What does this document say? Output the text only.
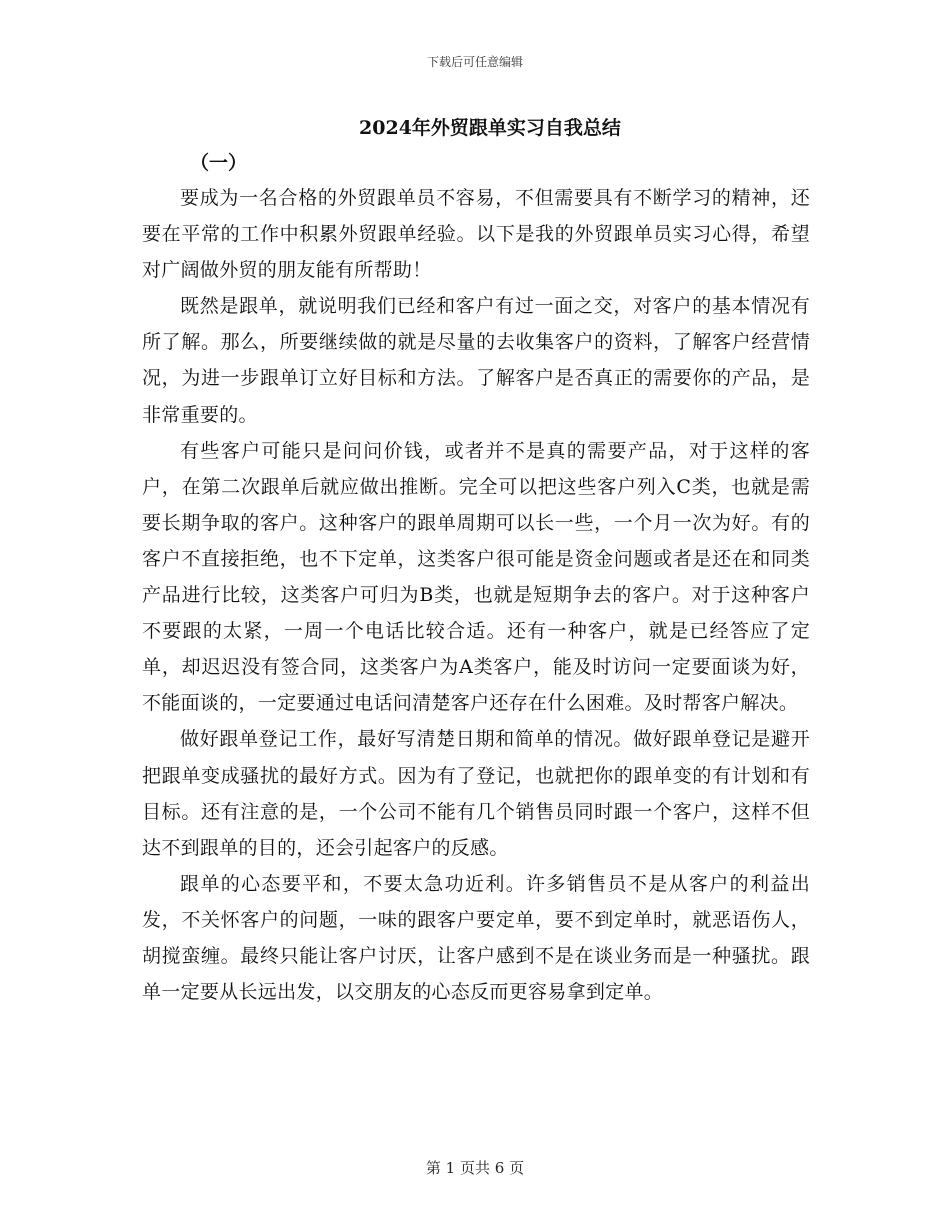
下载后可任意编辑
2024年外贸跟单实习自我总结
（一）

要成为一名合格的外贸跟单员不容易，不但需要具有不断学习的精神，还要在平常的工作中积累外贸跟单经验。以下是我的外贸跟单员实习心得，希望对广阔做外贸的朋友能有所帮助！

既然是跟单，就说明我们已经和客户有过一面之交，对客户的基本情况有所了解。那么，所要继续做的就是尽量的去收集客户的资料，了解客户经营情况，为进一步跟单订立好目标和方法。了解客户是否真正的需要你的产品，是非常重要的。

有些客户可能只是问问价钱，或者并不是真的需要产品，对于这样的客户，在第二次跟单后就应做出推断。完全可以把这些客户列入C类，也就是需要长期争取的客户。这种客户的跟单周期可以长一些，一个月一次为好。有的客户不直接拒绝，也不下定单，这类客户很可能是资金问题或者是还在和同类产品进行比较，这类客户可归为B类，也就是短期争去的客户。对于这种客户不要跟的太紧，一周一个电话比较合适。还有一种客户，就是已经答应了定单，却迟迟没有签合同，这类客户为A类客户，能及时访问一定要面谈为好，不能面谈的，一定要通过电话问清楚客户还存在什么困难。及时帮客户解决。

做好跟单登记工作，最好写清楚日期和简单的情况。做好跟单登记是避开把跟单变成骚扰的最好方式。因为有了登记，也就把你的跟单变的有计划和有目标。还有注意的是，一个公司不能有几个销售员同时跟一个客户，这样不但达不到跟单的目的，还会引起客户的反感。

跟单的心态要平和，不要太急功近利。许多销售员不是从客户的利益出发，不关怀客户的问题，一味的跟客户要定单，要不到定单时，就恶语伤人，胡搅蛮缠。最终只能让客户讨厌，让客户感到不是在谈业务而是一种骚扰。跟单一定要从长远出发，以交朋友的心态反而更容易拿到定单。

第 1 页共 6 页
